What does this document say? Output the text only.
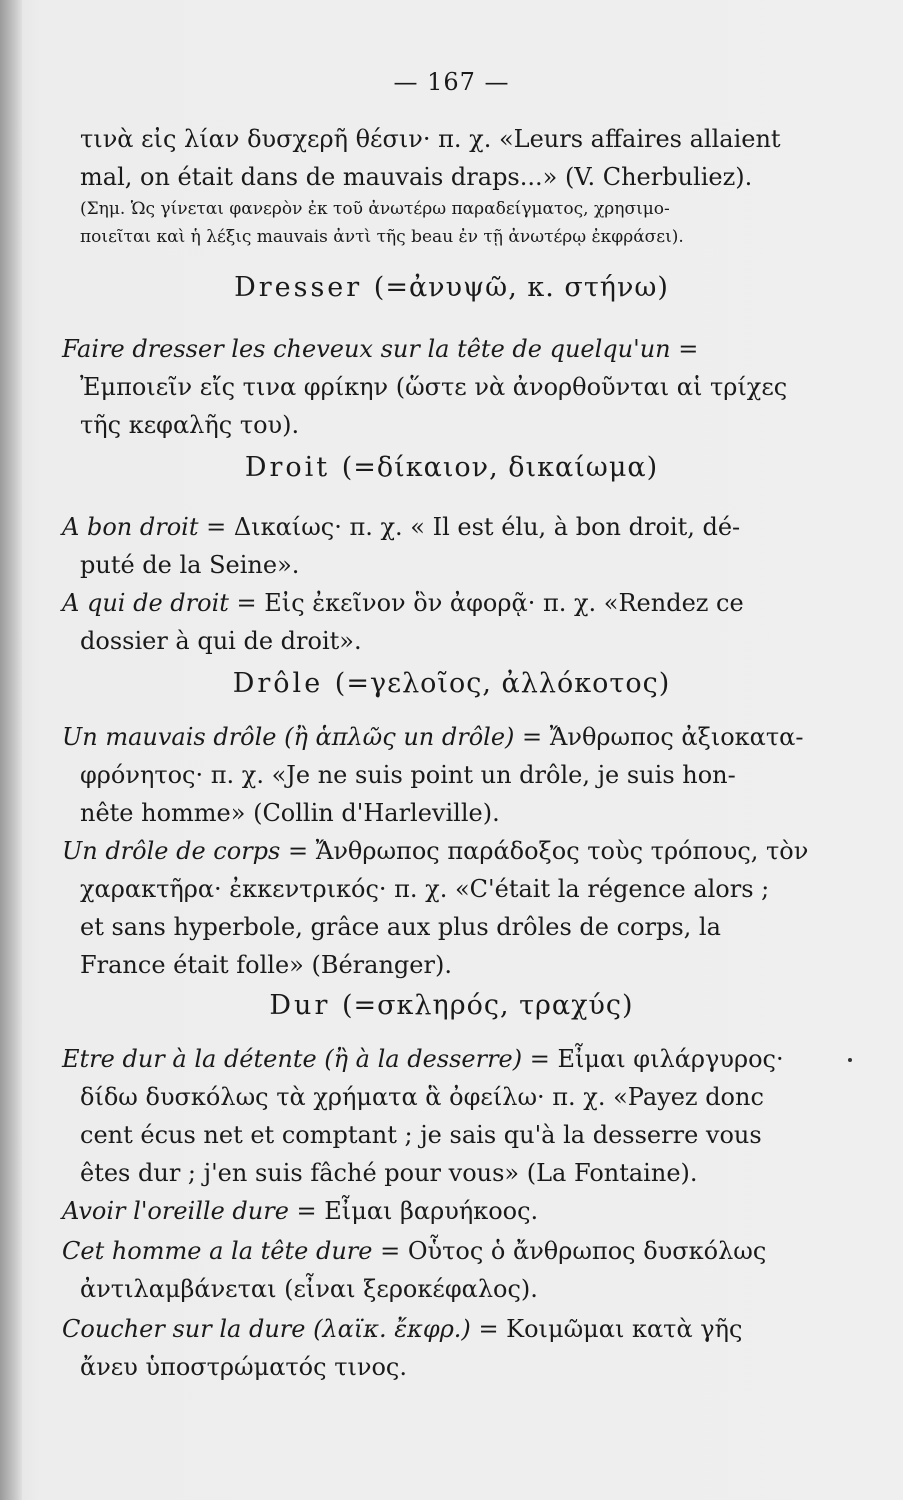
— 167 —
τινὰ εἰς λίαν δυσχερῆ θέσιν· π. χ. «Leurs affaires allaient
mal, on était dans de mauvais draps...» (V. Cherbuliez).
(Σημ. Ὡς γίνεται φανερὸν ἐκ τοῦ ἀνωτέρω παραδείγματος, χρησιμο-
ποιεῖται καὶ ἡ λέξις mauvais ἀντὶ τῆς beau ἐν τῇ ἀνωτέρῳ ἐκφράσει).
Dresser (=ἀνυψῶ, κ. στήνω)
Faire dresser les cheveux sur la tête de quelqu'un =
Ἐμποιεῖν εἴς τινα φρίκην (ὥστε νὰ ἀνορθοῦνται αἱ τρίχες
τῆς κεφαλῆς του).
Droit (=δίκαιον, δικαίωμα)
A bon droit = Δικαίως· π. χ. « Il est élu, à bon droit, dé-
puté de la Seine».
A qui de droit = Εἰς ἐκεῖνον ὃν ἀφορᾷ· π. χ. «Rendez ce
dossier à qui de droit».
Drôle (=γελοῖος, ἀλλόκοτος)
Un mauvais drôle (ἢ ἁπλῶς un drôle) = Ἄνθρωπος ἀξιοκατα-
φρόνητος· π. χ. «Je ne suis point un drôle, je suis hon-
nête homme» (Collin d'Harleville).
Un drôle de corps = Ἄνθρωπος παράδοξος τοὺς τρόπους, τὸν
χαρακτῆρα· ἐκκεντρικός· π. χ. «C'était la régence alors ;
et sans hyperbole, grâce aux plus drôles de corps, la
France était folle» (Béranger).
Dur (=σκληρός, τραχύς)
Etre dur à la détente (ἢ à la desserre) = Εἶμαι φιλάργυρος·
δίδω δυσκόλως τὰ χρήματα ἃ ὀφείλω· π. χ. «Payez donc
cent écus net et comptant ; je sais qu'à la desserre vous
êtes dur ; j'en suis fâché pour vous» (La Fontaine).
Avoir l'oreille dure = Εἶμαι βαρυήκοος.
Cet homme a la tête dure = Οὗτος ὁ ἄνθρωπος δυσκόλως
ἀντιλαμβάνεται (εἶναι ξεροκέφαλος).
Coucher sur la dure (λαϊκ. ἔκφρ.) = Κοιμῶμαι κατὰ γῆς
ἄνευ ὑποστρώματός τινος.
